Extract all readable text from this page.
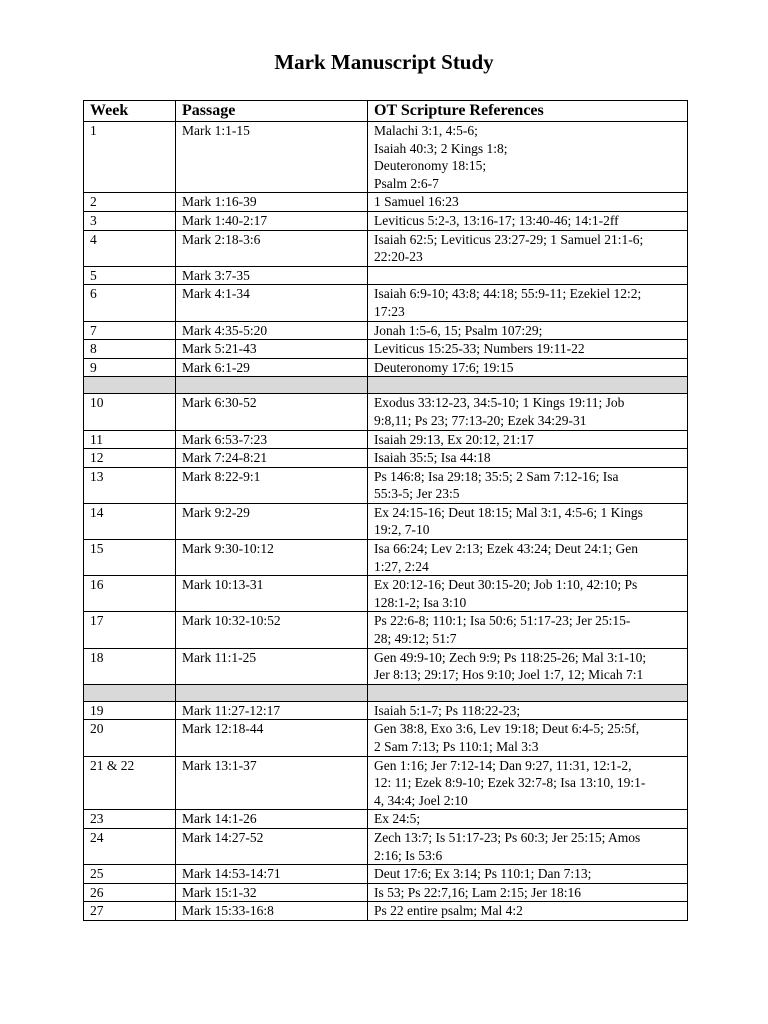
Mark Manuscript Study
Week	Passage	OT Scripture References
1	Mark 1:1-15	Malachi 3:1, 4:5-6;
Isaiah 40:3; 2 Kings 1:8;
Deuteronomy 18:15;
Psalm 2:6-7

2	Mark 1:16-39	1 Samuel 16:23

3	Mark 1:40-2:17	Leviticus 5:2-3, 13:16-17; 13:40-46; 14:1-2ff

4	Mark 2:18-3:6	Isaiah 62:5; Leviticus 23:27-29; 1 Samuel 21:1-6;
22:20-23

5	Mark 3:7-35	

6	Mark 4:1-34	Isaiah 6:9-10; 43:8; 44:18; 55:9-11; Ezekiel 12:2;
17:23

7	Mark 4:35-5:20	Jonah 1:5-6, 15; Psalm 107:29;

8	Mark 5:21-43	Leviticus 15:25-33; Numbers 19:11-22

9	Mark 6:1-29	Deuteronomy 17:6; 19:15

10	Mark 6:30-52	Exodus 33:12-23, 34:5-10; 1 Kings 19:11; Job
9:8,11; Ps 23; 77:13-20; Ezek 34:29-31

11	Mark 6:53-7:23	Isaiah 29:13, Ex 20:12, 21:17

12	Mark 7:24-8:21	Isaiah 35:5; Isa 44:18

13	Mark 8:22-9:1	Ps 146:8; Isa 29:18; 35:5; 2 Sam 7:12-16; Isa
55:3-5; Jer 23:5

14	Mark 9:2-29	Ex 24:15-16; Deut 18:15; Mal 3:1, 4:5-6; 1 Kings
19:2, 7-10

15	Mark 9:30-10:12	Isa 66:24; Lev 2:13; Ezek 43:24; Deut 24:1; Gen
1:27, 2:24

16	Mark 10:13-31	Ex 20:12-16; Deut 30:15-20; Job 1:10, 42:10; Ps
128:1-2; Isa 3:10

17	Mark 10:32-10:52	Ps 22:6-8; 110:1; Isa 50:6; 51:17-23; Jer 25:15-
28; 49:12; 51:7

18	Mark 11:1-25	Gen 49:9-10; Zech 9:9; Ps 118:25-26; Mal 3:1-10;
Jer 8:13; 29:17; Hos 9:10; Joel 1:7, 12; Micah 7:1

19	Mark 11:27-12:17	Isaiah 5:1-7; Ps 118:22-23;

20	Mark 12:18-44	Gen 38:8, Exo 3:6, Lev 19:18; Deut 6:4-5; 25:5f,
2 Sam 7:13; Ps 110:1; Mal 3:3

21 & 22	Mark 13:1-37	Gen 1:16; Jer 7:12-14; Dan 9:27, 11:31, 12:1-2,
12: 11; Ezek 8:9-10; Ezek 32:7-8; Isa 13:10, 19:1-
4, 34:4; Joel 2:10

23	Mark 14:1-26	Ex 24:5;

24	Mark 14:27-52	Zech 13:7; Is 51:17-23; Ps 60:3; Jer 25:15; Amos
2:16; Is 53:6

25	Mark 14:53-14:71	Deut 17:6; Ex 3:14; Ps 110:1; Dan 7:13;

26	Mark 15:1-32	Is 53; Ps 22:7,16; Lam 2:15; Jer 18:16

27	Mark 15:33-16:8	Ps 22 entire psalm; Mal 4:2
